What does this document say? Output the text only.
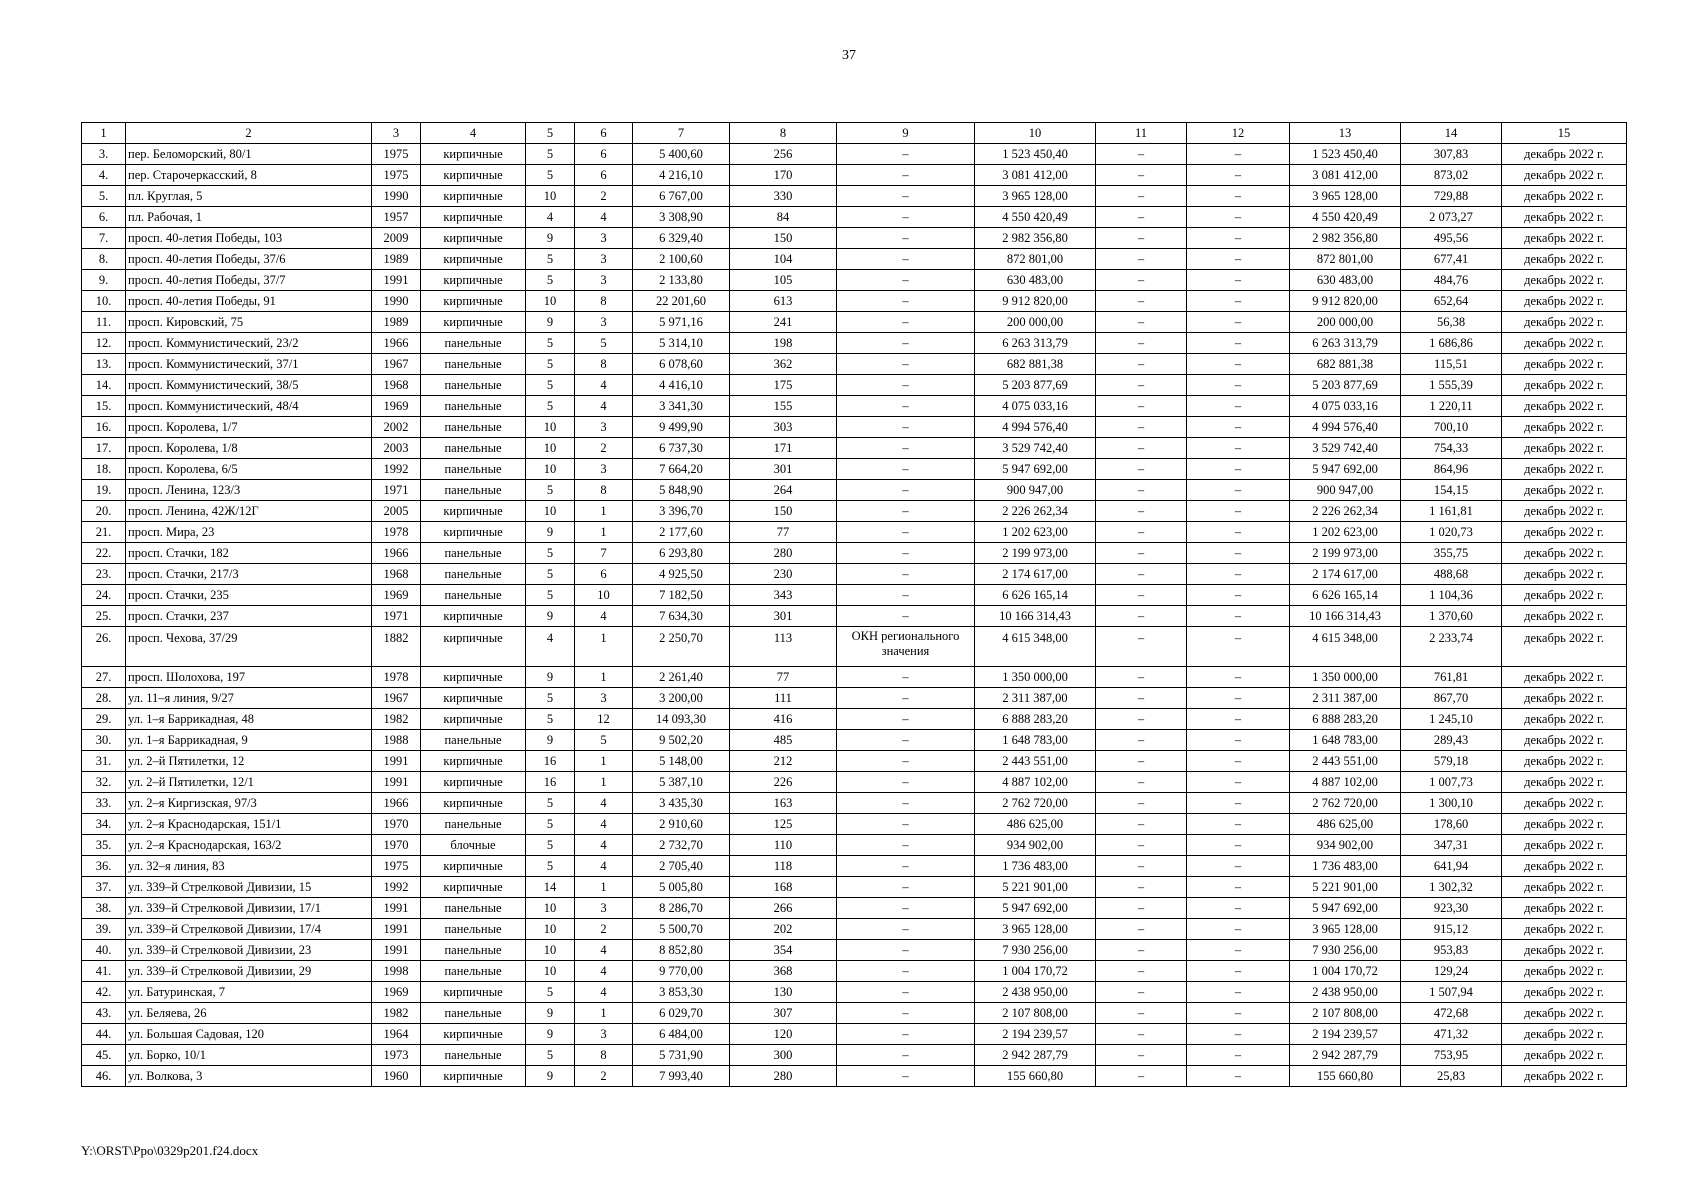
37
1	2	3	4	5	6	7	8	9	10	11	12	13	14	15
3.	пер. Беломорский, 80/1	1975	кирпичные	5	6	5 400,60	256	–	1 523 450,40	–	–	1 523 450,40	307,83	декабрь 2022 г.
4.	пер. Старочеркасский, 8	1975	кирпичные	5	6	4 216,10	170	–	3 081 412,00	–	–	3 081 412,00	873,02	декабрь 2022 г.
5.	пл. Круглая, 5	1990	кирпичные	10	2	6 767,00	330	–	3 965 128,00	–	–	3 965 128,00	729,88	декабрь 2022 г.
6.	пл. Рабочая, 1	1957	кирпичные	4	4	3 308,90	84	–	4 550 420,49	–	–	4 550 420,49	2 073,27	декабрь 2022 г.
7.	просп. 40-летия Победы, 103	2009	кирпичные	9	3	6 329,40	150	–	2 982 356,80	–	–	2 982 356,80	495,56	декабрь 2022 г.
8.	просп. 40-летия Победы, 37/6	1989	кирпичные	5	3	2 100,60	104	–	872 801,00	–	–	872 801,00	677,41	декабрь 2022 г.
9.	просп. 40-летия Победы, 37/7	1991	кирпичные	5	3	2 133,80	105	–	630 483,00	–	–	630 483,00	484,76	декабрь 2022 г.
10.	просп. 40-летия Победы, 91	1990	кирпичные	10	8	22 201,60	613	–	9 912 820,00	–	–	9 912 820,00	652,64	декабрь 2022 г.
11.	просп. Кировский, 75	1989	кирпичные	9	3	5 971,16	241	–	200 000,00	–	–	200 000,00	56,38	декабрь 2022 г.
12.	просп. Коммунистический, 23/2	1966	панельные	5	5	5 314,10	198	–	6 263 313,79	–	–	6 263 313,79	1 686,86	декабрь 2022 г.
13.	просп. Коммунистический, 37/1	1967	панельные	5	8	6 078,60	362	–	682 881,38	–	–	682 881,38	115,51	декабрь 2022 г.
14.	просп. Коммунистический, 38/5	1968	панельные	5	4	4 416,10	175	–	5 203 877,69	–	–	5 203 877,69	1 555,39	декабрь 2022 г.
15.	просп. Коммунистический, 48/4	1969	панельные	5	4	3 341,30	155	–	4 075 033,16	–	–	4 075 033,16	1 220,11	декабрь 2022 г.
16.	просп. Королева, 1/7	2002	панельные	10	3	9 499,90	303	–	4 994 576,40	–	–	4 994 576,40	700,10	декабрь 2022 г.
17.	просп. Королева, 1/8	2003	панельные	10	2	6 737,30	171	–	3 529 742,40	–	–	3 529 742,40	754,33	декабрь 2022 г.
18.	просп. Королева, 6/5	1992	панельные	10	3	7 664,20	301	–	5 947 692,00	–	–	5 947 692,00	864,96	декабрь 2022 г.
19.	просп. Ленина, 123/3	1971	панельные	5	8	5 848,90	264	–	900 947,00	–	–	900 947,00	154,15	декабрь 2022 г.
20.	просп. Ленина, 42Ж/12Г	2005	кирпичные	10	1	3 396,70	150	–	2 226 262,34	–	–	2 226 262,34	1 161,81	декабрь 2022 г.
21.	просп. Мира, 23	1978	кирпичные	9	1	2 177,60	77	–	1 202 623,00	–	–	1 202 623,00	1 020,73	декабрь 2022 г.
22.	просп. Стачки, 182	1966	панельные	5	7	6 293,80	280	–	2 199 973,00	–	–	2 199 973,00	355,75	декабрь 2022 г.
23.	просп. Стачки, 217/3	1968	панельные	5	6	4 925,50	230	–	2 174 617,00	–	–	2 174 617,00	488,68	декабрь 2022 г.
24.	просп. Стачки, 235	1969	панельные	5	10	7 182,50	343	–	6 626 165,14	–	–	6 626 165,14	1 104,36	декабрь 2022 г.
25.	просп. Стачки, 237	1971	кирпичные	9	4	7 634,30	301	–	10 166 314,43	–	–	10 166 314,43	1 370,60	декабрь 2022 г.
26.	просп. Чехова, 37/29	1882	кирпичные	4	1	2 250,70	113	ОКН регионального значения	4 615 348,00	–	–	4 615 348,00	2 233,74	декабрь 2022 г.
27.	просп. Шолохова, 197	1978	кирпичные	9	1	2 261,40	77	–	1 350 000,00	–	–	1 350 000,00	761,81	декабрь 2022 г.
28.	ул. 11–я линия, 9/27	1967	кирпичные	5	3	3 200,00	111	–	2 311 387,00	–	–	2 311 387,00	867,70	декабрь 2022 г.
29.	ул. 1–я Баррикадная, 48	1982	кирпичные	5	12	14 093,30	416	–	6 888 283,20	–	–	6 888 283,20	1 245,10	декабрь 2022 г.
30.	ул. 1–я Баррикадная, 9	1988	панельные	9	5	9 502,20	485	–	1 648 783,00	–	–	1 648 783,00	289,43	декабрь 2022 г.
31.	ул. 2–й Пятилетки, 12	1991	кирпичные	16	1	5 148,00	212	–	2 443 551,00	–	–	2 443 551,00	579,18	декабрь 2022 г.
32.	ул. 2–й Пятилетки, 12/1	1991	кирпичные	16	1	5 387,10	226	–	4 887 102,00	–	–	4 887 102,00	1 007,73	декабрь 2022 г.
33.	ул. 2–я Киргизская, 97/3	1966	кирпичные	5	4	3 435,30	163	–	2 762 720,00	–	–	2 762 720,00	1 300,10	декабрь 2022 г.
34.	ул. 2–я Краснодарская, 151/1	1970	панельные	5	4	2 910,60	125	–	486 625,00	–	–	486 625,00	178,60	декабрь 2022 г.
35.	ул. 2–я Краснодарская, 163/2	1970	блочные	5	4	2 732,70	110	–	934 902,00	–	–	934 902,00	347,31	декабрь 2022 г.
36.	ул. 32–я линия, 83	1975	кирпичные	5	4	2 705,40	118	–	1 736 483,00	–	–	1 736 483,00	641,94	декабрь 2022 г.
37.	ул. 339–й Стрелковой Дивизии, 15	1992	кирпичные	14	1	5 005,80	168	–	5 221 901,00	–	–	5 221 901,00	1 302,32	декабрь 2022 г.
38.	ул. 339–й Стрелковой Дивизии, 17/1	1991	панельные	10	3	8 286,70	266	–	5 947 692,00	–	–	5 947 692,00	923,30	декабрь 2022 г.
39.	ул. 339–й Стрелковой Дивизии, 17/4	1991	панельные	10	2	5 500,70	202	–	3 965 128,00	–	–	3 965 128,00	915,12	декабрь 2022 г.
40.	ул. 339–й Стрелковой Дивизии, 23	1991	панельные	10	4	8 852,80	354	–	7 930 256,00	–	–	7 930 256,00	953,83	декабрь 2022 г.
41.	ул. 339–й Стрелковой Дивизии, 29	1998	панельные	10	4	9 770,00	368	–	1 004 170,72	–	–	1 004 170,72	129,24	декабрь 2022 г.
42.	ул. Батуринская, 7	1969	кирпичные	5	4	3 853,30	130	–	2 438 950,00	–	–	2 438 950,00	1 507,94	декабрь 2022 г.
43.	ул. Беляева, 26	1982	панельные	9	1	6 029,70	307	–	2 107 808,00	–	–	2 107 808,00	472,68	декабрь 2022 г.
44.	ул. Большая Садовая, 120	1964	кирпичные	9	3	6 484,00	120	–	2 194 239,57	–	–	2 194 239,57	471,32	декабрь 2022 г.
45.	ул. Борко, 10/1	1973	панельные	5	8	5 731,90	300	–	2 942 287,79	–	–	2 942 287,79	753,95	декабрь 2022 г.
46.	ул. Волкова, 3	1960	кирпичные	9	2	7 993,40	280	–	155 660,80	–	–	155 660,80	25,83	декабрь 2022 г.
Y:\ORST\Ppo\0329p201.f24.docx
